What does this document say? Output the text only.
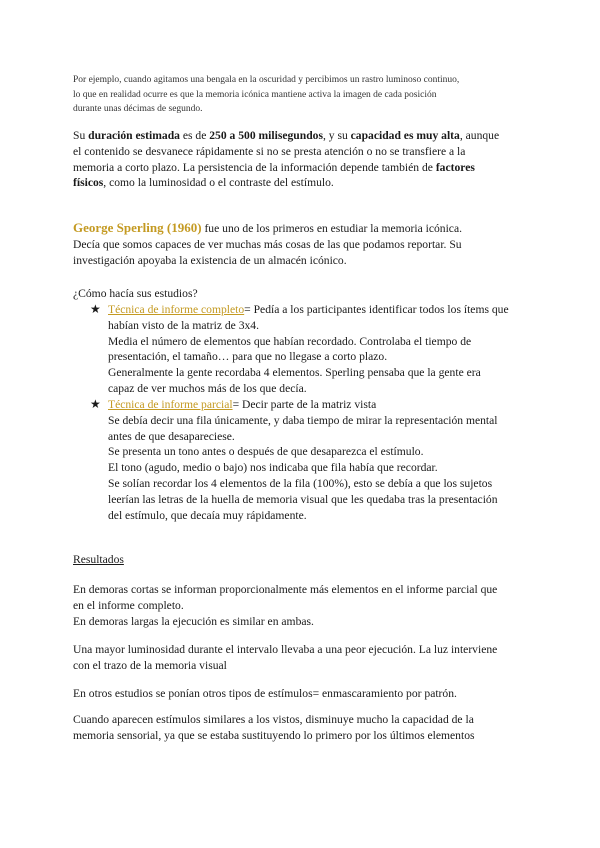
Por ejemplo, cuando agitamos una bengala en la oscuridad y percibimos un rastro luminoso continuo,
lo que en realidad ocurre es que la memoria icónica mantiene activa la imagen de cada posición
durante unas décimas de segundo.
Su duración estimada es de 250 a 500 milisegundos, y su capacidad es muy alta, aunque
el contenido se desvanece rápidamente si no se presta atención o no se transfiere a la
memoria a corto plazo. La persistencia de la información depende también de factores
físicos, como la luminosidad o el contraste del estímulo.
George Sperling (1960) fue uno de los primeros en estudiar la memoria icónica.
Decía que somos capaces de ver muchas más cosas de las que podamos reportar. Su
investigación apoyaba la existencia de un almacén icónico.
¿Cómo hacía sus estudios?
★ Técnica de informe completo= Pedía a los participantes identificar todos los ítems que
habían visto de la matriz de 3x4.
Media el número de elementos que habían recordado. Controlaba el tiempo de
presentación, el tamaño… para que no llegase a corto plazo.
Generalmente la gente recordaba 4 elementos. Sperling pensaba que la gente era
capaz de ver muchos más de los que decía.
★ Técnica de informe parcial= Decir parte de la matriz vista
Se debía decir una fila únicamente, y daba tiempo de mirar la representación mental
antes de que desapareciese.
Se presenta un tono antes o después de que desaparezca el estímulo.
El tono (agudo, medio o bajo) nos indicaba que fila había que recordar.
Se solían recordar los 4 elementos de la fila (100%), esto se debía a que los sujetos
leerían las letras de la huella de memoria visual que les quedaba tras la presentación
del estímulo, que decaía muy rápidamente.
Resultados
En demoras cortas se informan proporcionalmente más elementos en el informe parcial que
en el informe completo.
En demoras largas la ejecución es similar en ambas.
Una mayor luminosidad durante el intervalo llevaba a una peor ejecución. La luz interviene
con el trazo de la memoria visual
En otros estudios se ponían otros tipos de estímulos= enmascaramiento por patrón.
Cuando aparecen estímulos similares a los vistos, disminuye mucho la capacidad de la
memoria sensorial, ya que se estaba sustituyendo lo primero por los últimos elementos
